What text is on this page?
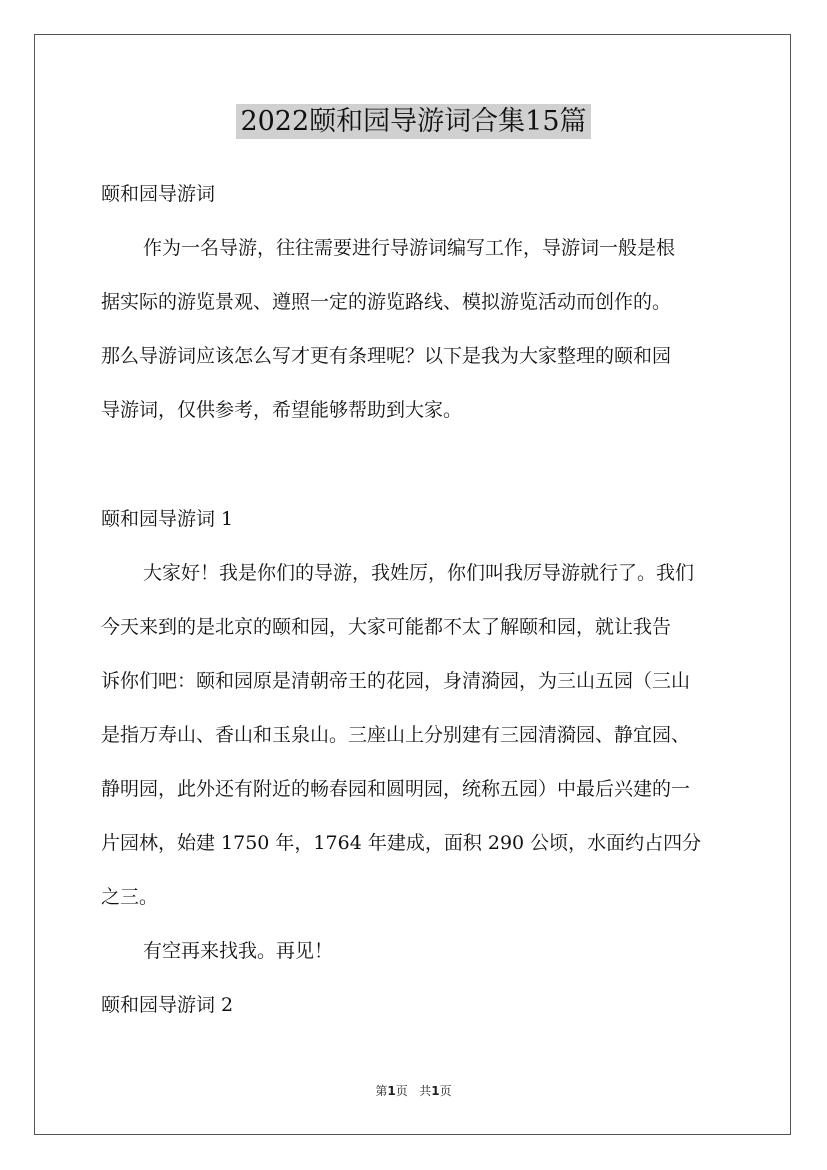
2022颐和园导游词合集15篇
颐和园导游词
作为一名导游，往往需要进行导游词编写工作，导游词一般是根
据实际的游览景观、遵照一定的游览路线、模拟游览活动而创作的。
那么导游词应该怎么写才更有条理呢？以下是我为大家整理的颐和园
导游词，仅供参考，希望能够帮助到大家。
颐和园导游词 1
大家好！我是你们的导游，我姓厉，你们叫我厉导游就行了。我们
今天来到的是北京的颐和园，大家可能都不太了解颐和园，就让我告
诉你们吧：颐和园原是清朝帝王的花园，身清漪园，为三山五园（三山
是指万寿山、香山和玉泉山。三座山上分别建有三园清漪园、静宜园、
静明园，此外还有附近的畅春园和圆明园，统称五园）中最后兴建的一
片园林，始建 1750 年，1764 年建成，面积 290 公顷，水面约占四分
之三。
有空再来找我。再见！
颐和园导游词 2
第1页 共1页
